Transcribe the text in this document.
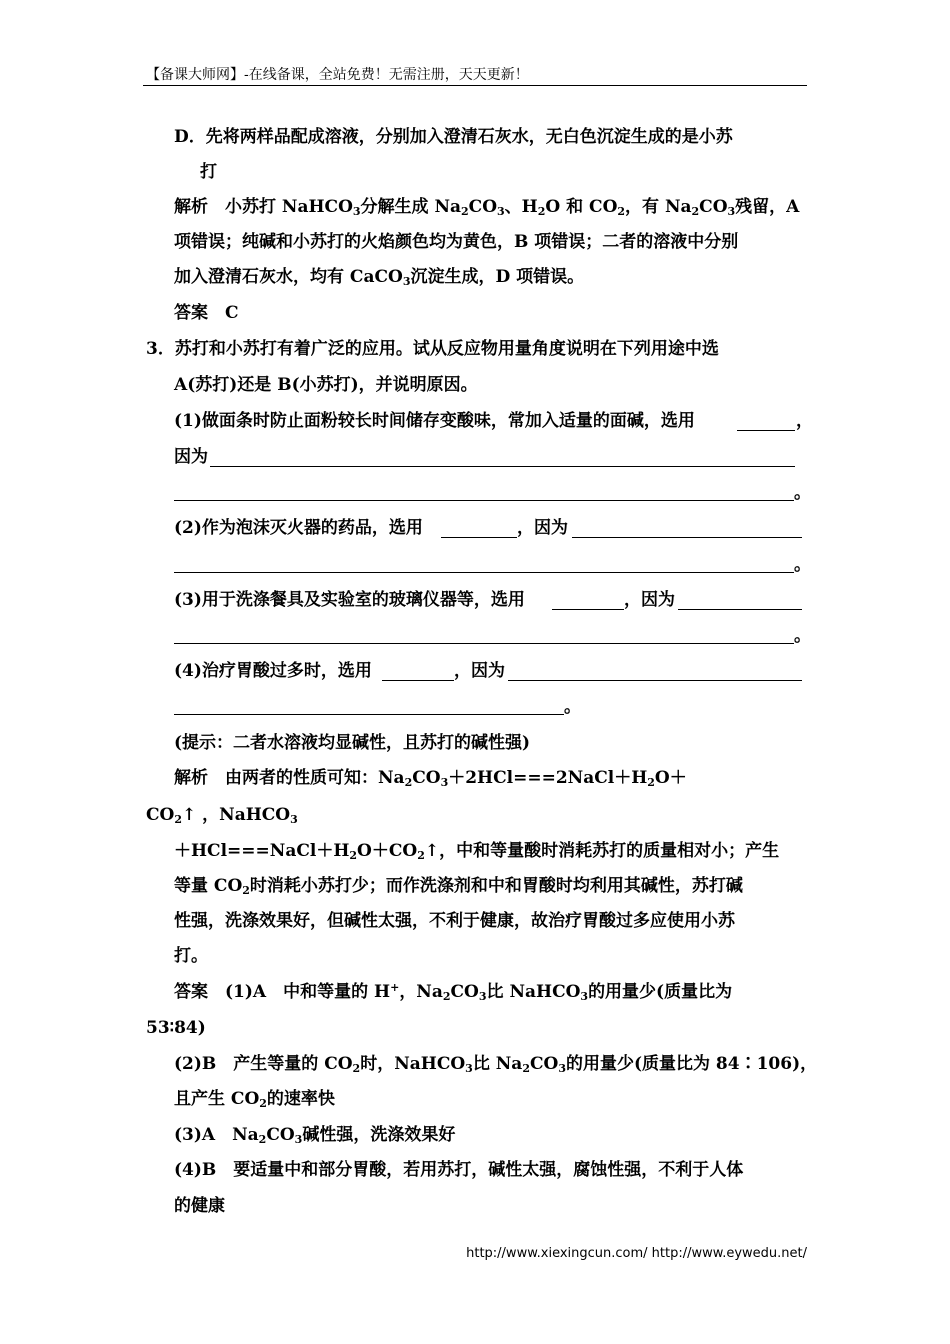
【备课大师网】-在线备课，全站免费！无需注册，天天更新！
D．先将两样品配成溶液，分别加入澄清石灰水，无白色沉淀生成的是小苏
打
解析　 小苏打 NaHCO$_3$分解生成 $Na_2CO_3$、$H_2O$ 和 $CO_2$，有 $Na_2CO_3$残留，A
项错误；纯碱和小苏打的火焰颜色均为黄色，B 项错误；二者的溶液中分别
加入澄清石灰水，均有 CaCO$_3$沉淀生成，D 项错误。
答案　 C
3．苏打和小苏打有着广泛的应用。试从反应物用量角度说明在下列用途中选
A(苏打)还是 B(小苏打)，并说明原因。
(1)做面条时防止面粉较长时间储存变酸味，常加入适量的面碱，选用	，
因为
。
(2)作为泡沫灭火器的药品，选用	，因为
。
(3)用于洗涤餐具及实验室的玻璃仪器等，选用	，因为
。
(4)治疗胃酸过多时，选用	，因为
。
(提示：二者水溶液均显碱性，且苏打的碱性强)
解析　 由两者的性质可知：$Na_2CO_3+2HCl===2NaCl+H_2O+$
$CO_2↑$ ，NaHCO$_3$
$+HCl===NaCl+H_2O+CO_2↑$，中和等量酸时消耗苏打的质量相对小；产生
等量 $CO_2$时消耗小苏打少；而作洗涤剂和中和胃酸时均利用其碱性，苏打碱
性强，洗涤效果好，但碱性太强，不利于健康，故治疗胃酸过多应使用小苏
打。
答案　 (1)A　中和等量的 H+，$Na_2CO_3$比 NaHCO$_3$的用量少(质量比为
53∶84)
(2)B　产生等量的 $CO_2$时，NaHCO$_3$比 $Na_2CO_3$的用量少(质量比为 84∶106)，
且产生 $CO_2$的速率快
(3)A　$Na_2CO_3$碱性强，洗涤效果好
(4)B　要适量中和部分胃酸，若用苏打，碱性太强，腐蚀性强，不利于人体
的健康
http://www.xiexingcun.com/ http://www.eywedu.net/
